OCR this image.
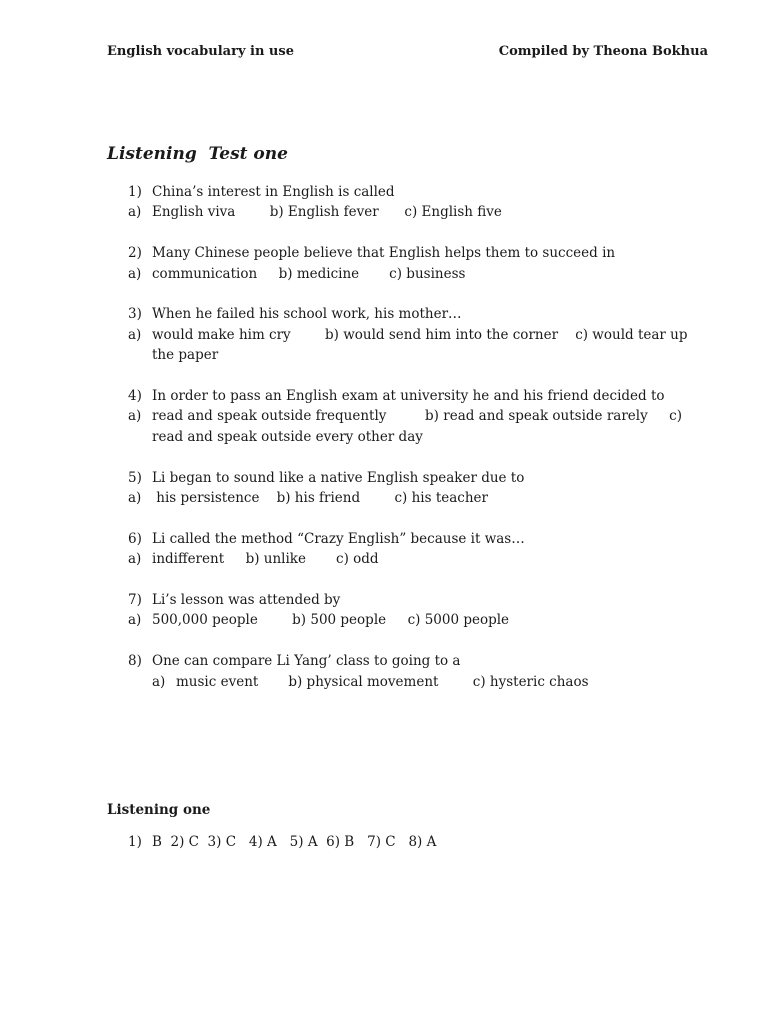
English vocabulary in use	Compiled by Theona Bokhua
Listening  Test one
1) China’s interest in English is called
a) English viva        b) English fever      c) English five
2) Many Chinese people believe that English helps them to succeed in
a) communication     b) medicine       c) business
3) When he failed his school work, his mother…
a) would make him cry        b) would send him into the corner    c) would tear up the paper
4) In order to pass an English exam at university he and his friend decided to
a) read and speak outside frequently         b) read and speak outside rarely     c) read and speak outside every other day
5) Li began to sound like a native English speaker due to
a) his persistence    b) his friend        c) his teacher
6) Li called the method “Crazy English” because it was…
a) indifferent     b) unlike       c) odd
7) Li’s lesson was attended by
a) 500,000 people        b) 500 people     c) 5000 people
8) One can compare Li Yang’ class to going to a
a) music event       b) physical movement        c) hysteric chaos
Listening one
1) B  2) C  3) C   4) A   5) A  6) B   7) C   8) A
